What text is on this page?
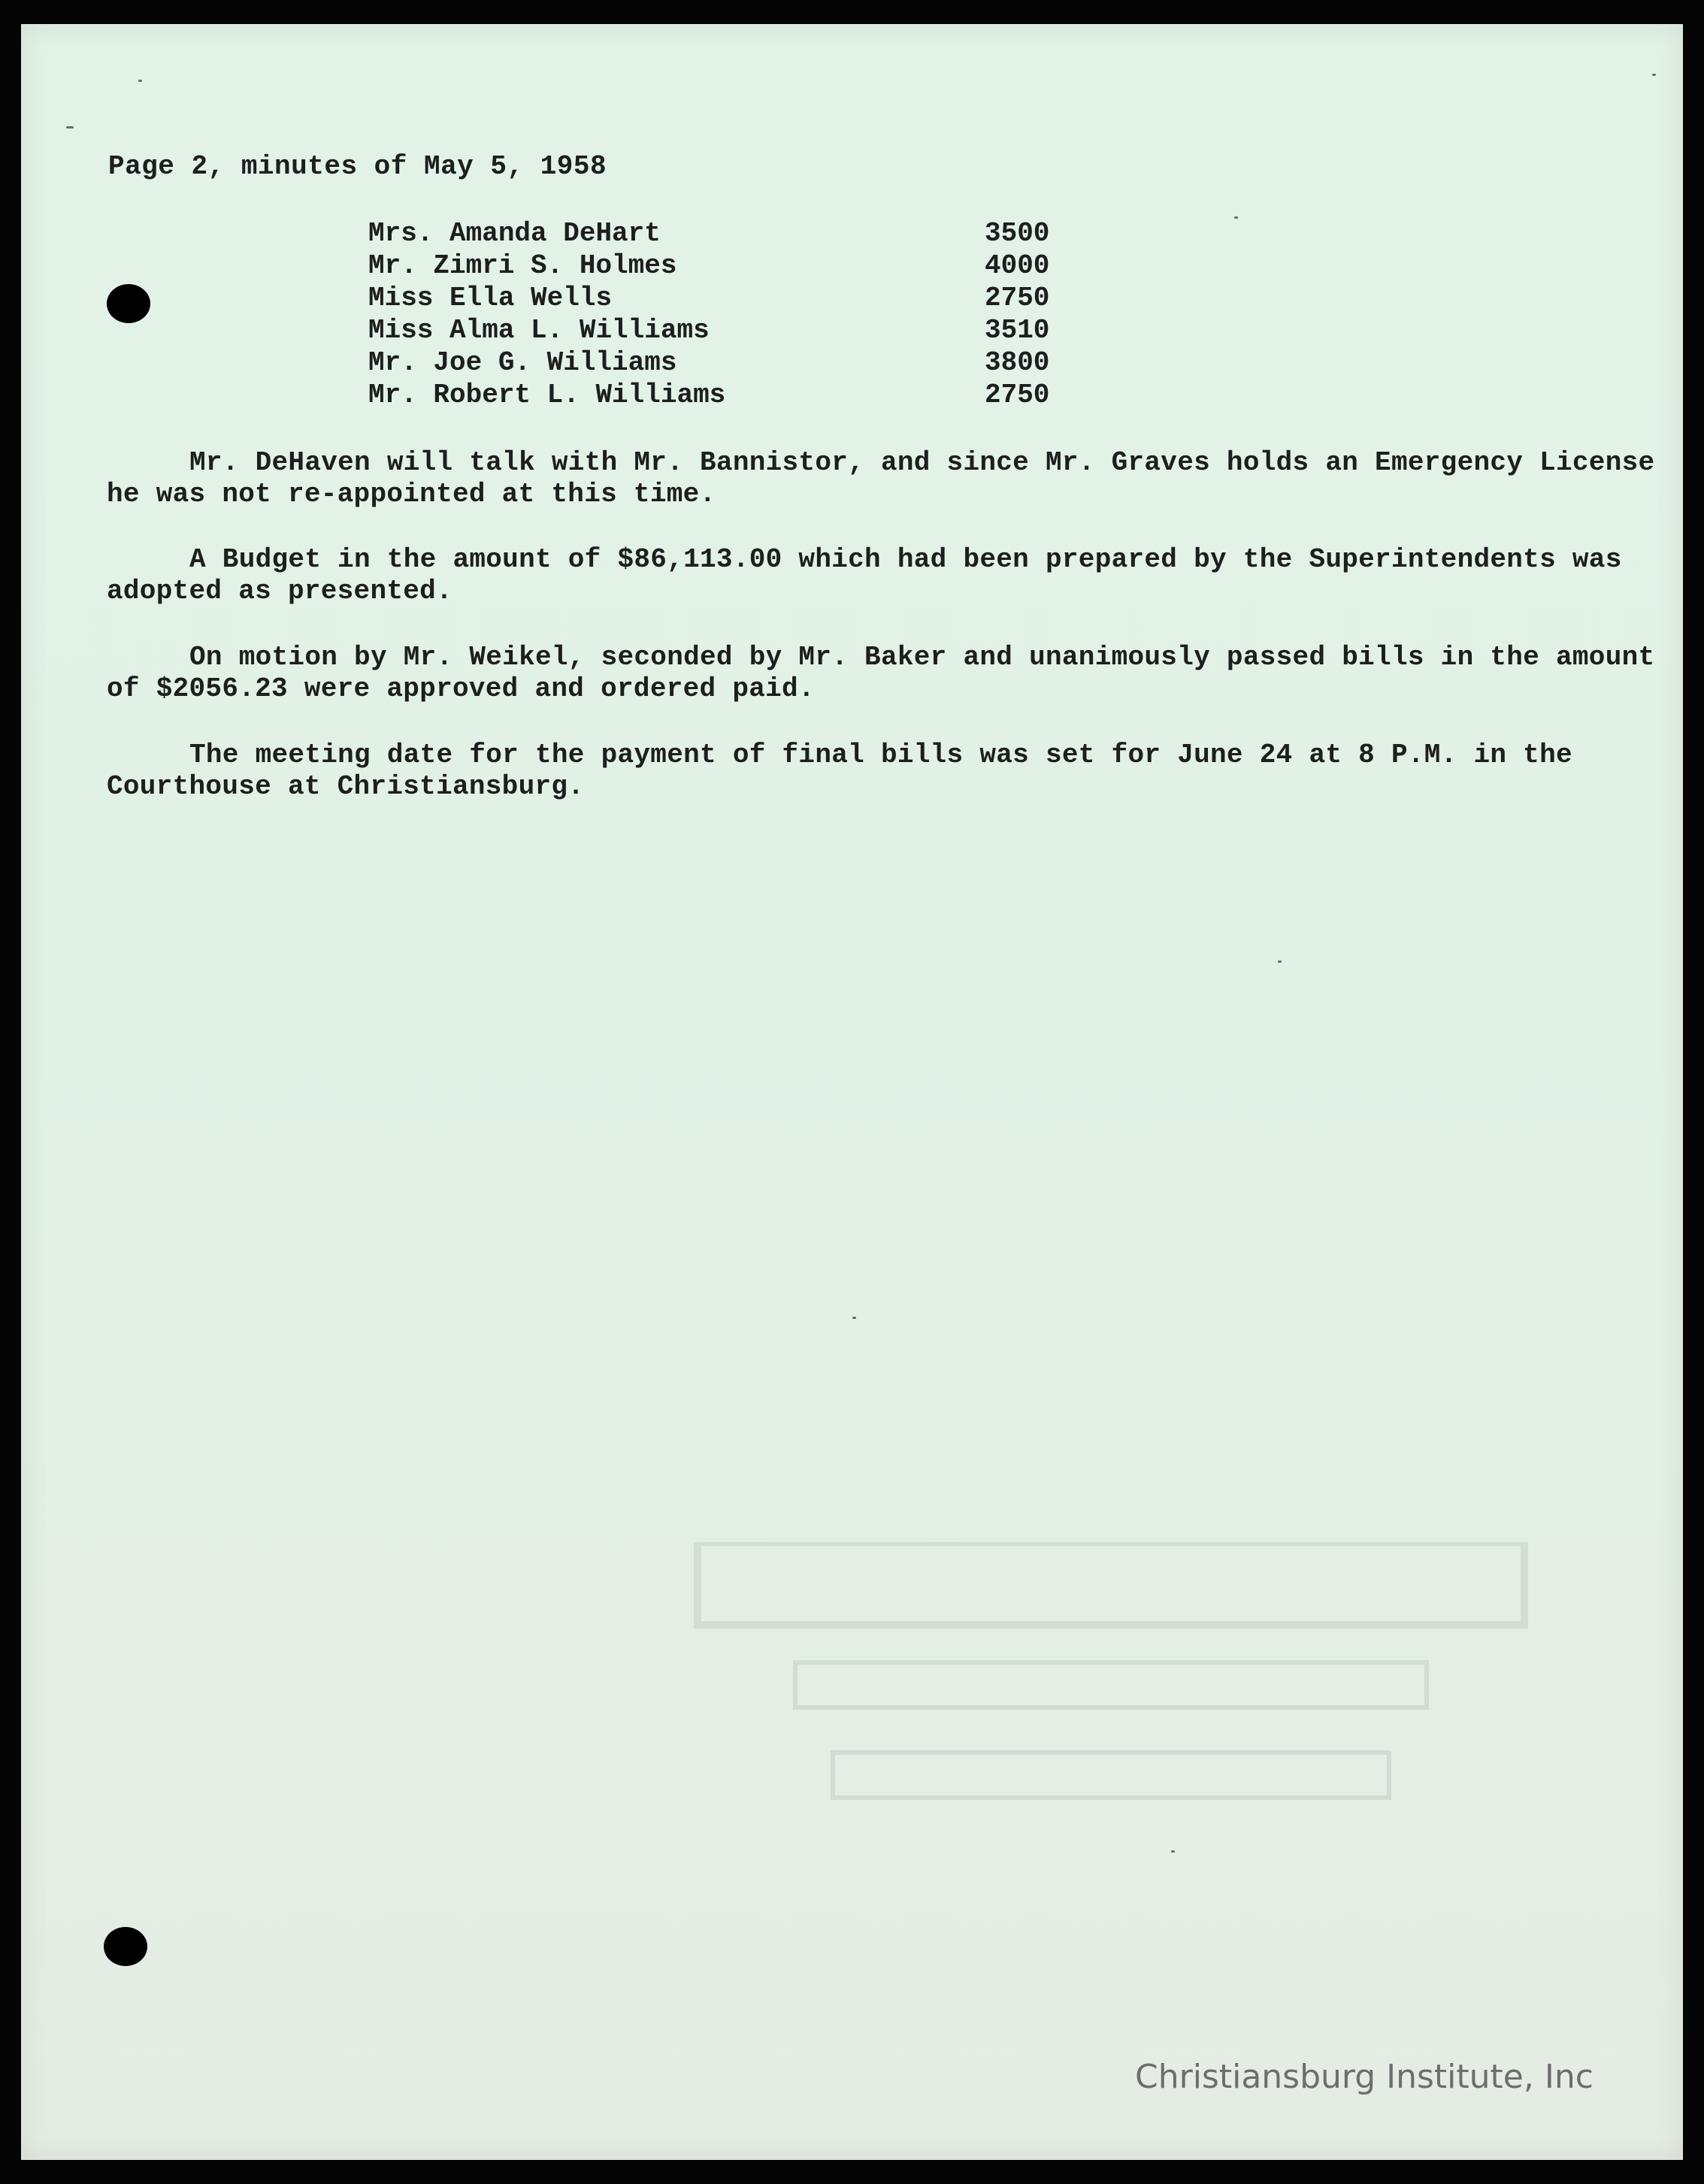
Page 2, minutes of May 5, 1958
Mrs. Amanda DeHart	3500
Mr. Zimri S. Holmes	4000
Miss Ella Wells	2750
Miss Alma L. Williams	3510
Mr. Joe G. Williams	3800
Mr. Robert L. Williams	2750
Mr. DeHaven will talk with Mr. Bannistor, and since Mr. Graves holds an Emergency License
he was not re-appointed at this time.
A Budget in the amount of $86,113.00 which had been prepared by the Superintendents was
adopted as presented.
On motion by Mr. Weikel, seconded by Mr. Baker and unanimously passed bills in the amount
of $2056.23 were approved and ordered paid.
The meeting date for the payment of final bills was set for June 24 at 8 P.M. in the
Courthouse at Christiansburg.
Christiansburg Institute, Inc
